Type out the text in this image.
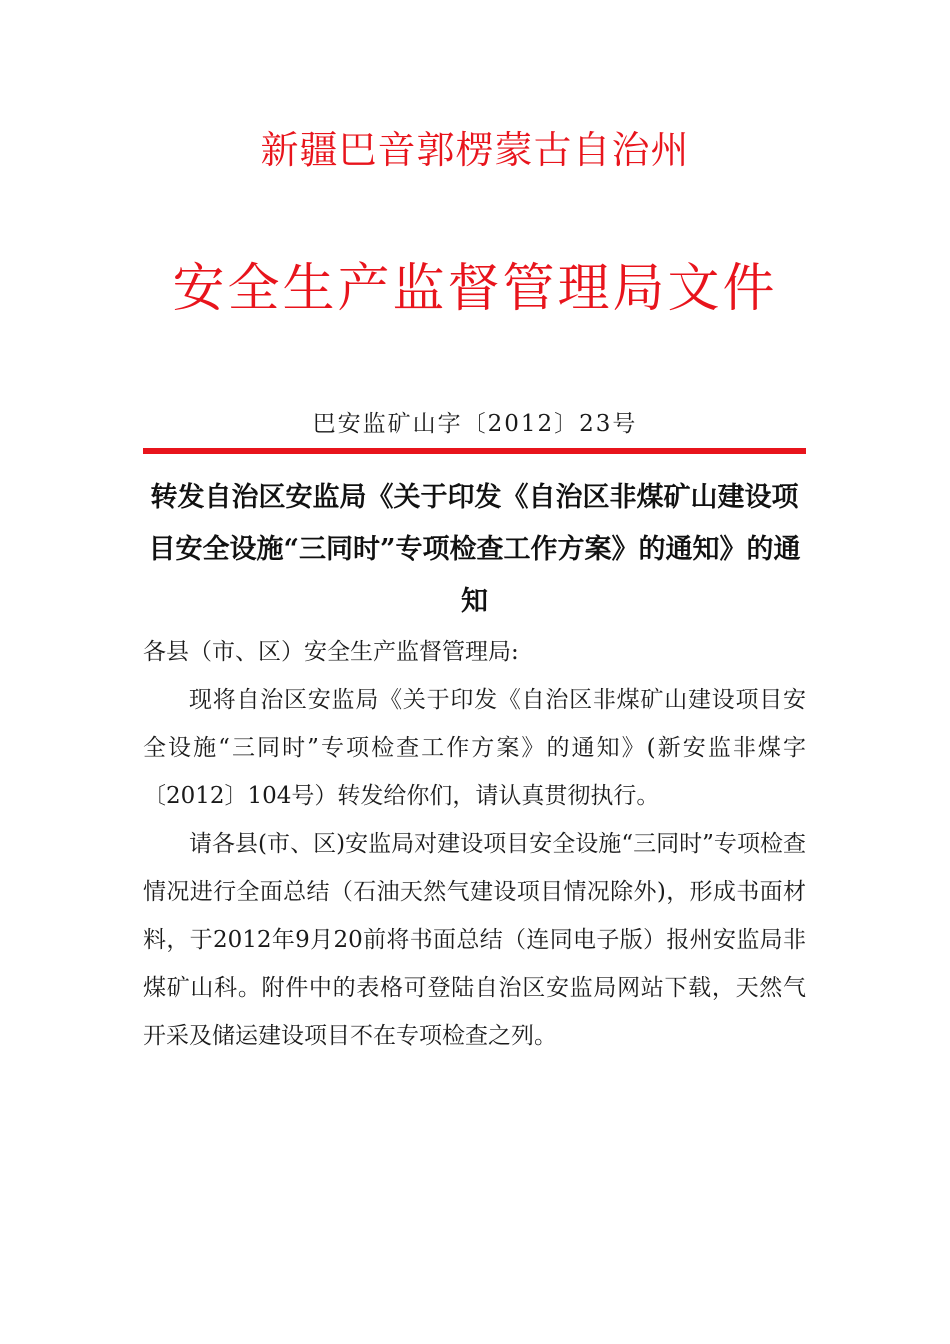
新疆巴音郭楞蒙古自治州
安全生产监督管理局文件
巴安监矿山字〔2012〕23号
转发自治区安监局《关于印发《自治区非煤矿山建设项目安全设施“三同时”专项检查工作方案》的通知》的通知
各县（市、区）安全生产监督管理局:
现将自治区安监局《关于印发《自治区非煤矿山建设项目安全设施“三同时”专项检查工作方案》的通知》(新安监非煤字〔2012〕104号）转发给你们，请认真贯彻执行。
请各县(市、区)安监局对建设项目安全设施“三同时”专项检查情况进行全面总结（石油天然气建设项目情况除外)，形成书面材料，于2012年9月20前将书面总结（连同电子版）报州安监局非煤矿山科。附件中的表格可登陆自治区安监局网站下载，天然气开采及储运建设项目不在专项检查之列。
